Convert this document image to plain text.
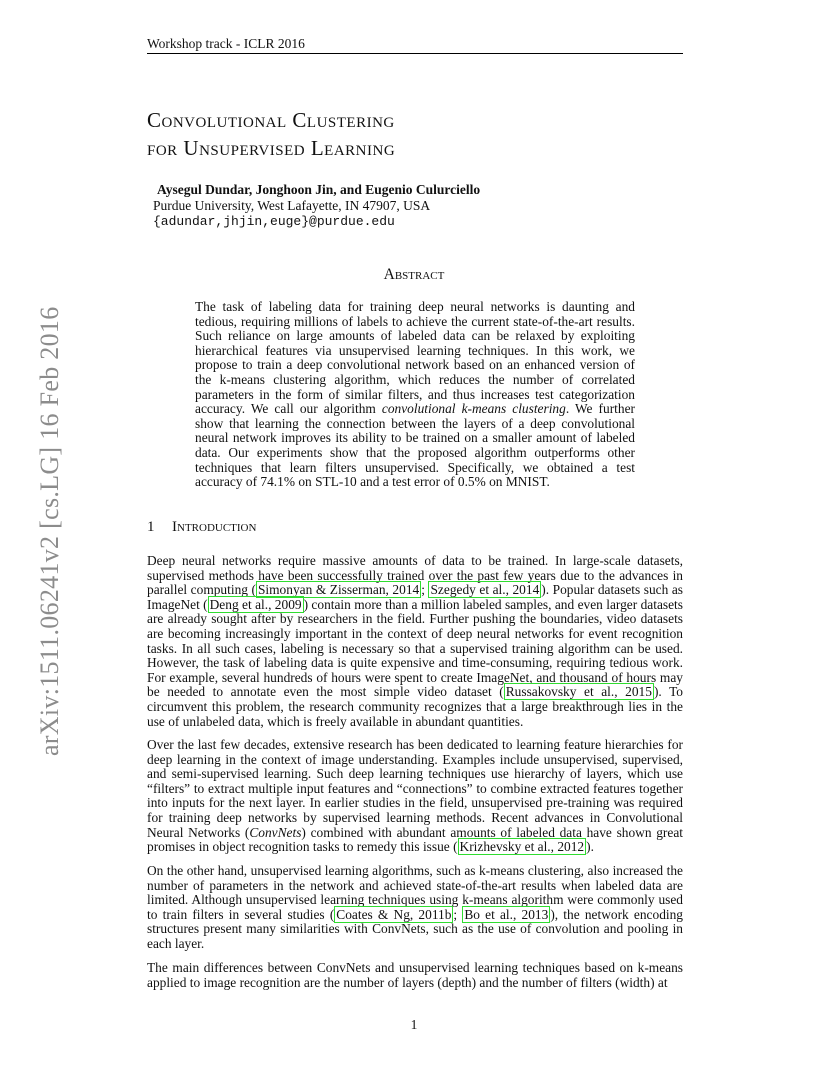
Workshop track - ICLR 2016
Convolutional Clustering
for Unsupervised Learning
Aysegul Dundar, Jonghoon Jin, and Eugenio Culurciello
Purdue University, West Lafayette, IN 47907, USA
{adundar,jhjin,euge}@purdue.edu
Abstract
The task of labeling data for training deep neural networks is daunting and tedious, requiring millions of labels to achieve the current state-of-the-art results. Such reliance on large amounts of labeled data can be relaxed by exploiting hierarchical features via unsupervised learning techniques. In this work, we propose to train a deep convolutional network based on an enhanced version of the k-means clustering algorithm, which reduces the number of correlated parameters in the form of similar filters, and thus increases test categorization accuracy. We call our algorithm convolutional k-means clustering. We further show that learning the connection between the layers of a deep convolutional neural network improves its ability to be trained on a smaller amount of labeled data. Our experiments show that the proposed algorithm outperforms other techniques that learn filters unsupervised. Specifically, we obtained a test accuracy of 74.1% on STL-10 and a test error of 0.5% on MNIST.
1 Introduction
Deep neural networks require massive amounts of data to be trained. In large-scale datasets, supervised methods have been successfully trained over the past few years due to the advances in parallel computing ( Simonyan & Zisserman, 2014 ; Szegedy et al., 2014 ). Popular datasets such as ImageNet ( Deng et al., 2009 ) contain more than a million labeled samples, and even larger datasets are already sought after by researchers in the field. Further pushing the boundaries, video datasets are becoming increasingly important in the context of deep neural networks for event recognition tasks. In all such cases, labeling is necessary so that a supervised training algorithm can be used. However, the task of labeling data is quite expensive and time-consuming, requiring tedious work. For example, several hundreds of hours were spent to create ImageNet, and thousand of hours may be needed to annotate even the most simple video dataset ( Russakovsky et al., 2015 ). To circumvent this problem, the research community recognizes that a large breakthrough lies in the use of unlabeled data, which is freely available in abundant quantities.
Over the last few decades, extensive research has been dedicated to learning feature hierarchies for deep learning in the context of image understanding. Examples include unsupervised, supervised, and semi-supervised learning. Such deep learning techniques use hierarchy of layers, which use “filters” to extract multiple input features and “connections” to combine extracted features together into inputs for the next layer. In earlier studies in the field, unsupervised pre-training was required for training deep networks by supervised learning methods. Recent advances in Convolutional Neural Networks (ConvNets) combined with abundant amounts of labeled data have shown great promises in object recognition tasks to remedy this issue ( Krizhevsky et al., 2012 ).
On the other hand, unsupervised learning algorithms, such as k-means clustering, also increased the number of parameters in the network and achieved state-of-the-art results when labeled data are limited. Although unsupervised learning techniques using k-means algorithm were commonly used to train filters in several studies ( Coates & Ng, 2011b ; Bo et al., 2013 ), the network encoding structures present many similarities with ConvNets, such as the use of convolution and pooling in each layer.
The main differences between ConvNets and unsupervised learning techniques based on k-means applied to image recognition are the number of layers (depth) and the number of filters (width) at
arXiv:1511.06241v2 [cs.LG] 16 Feb 2016
1
